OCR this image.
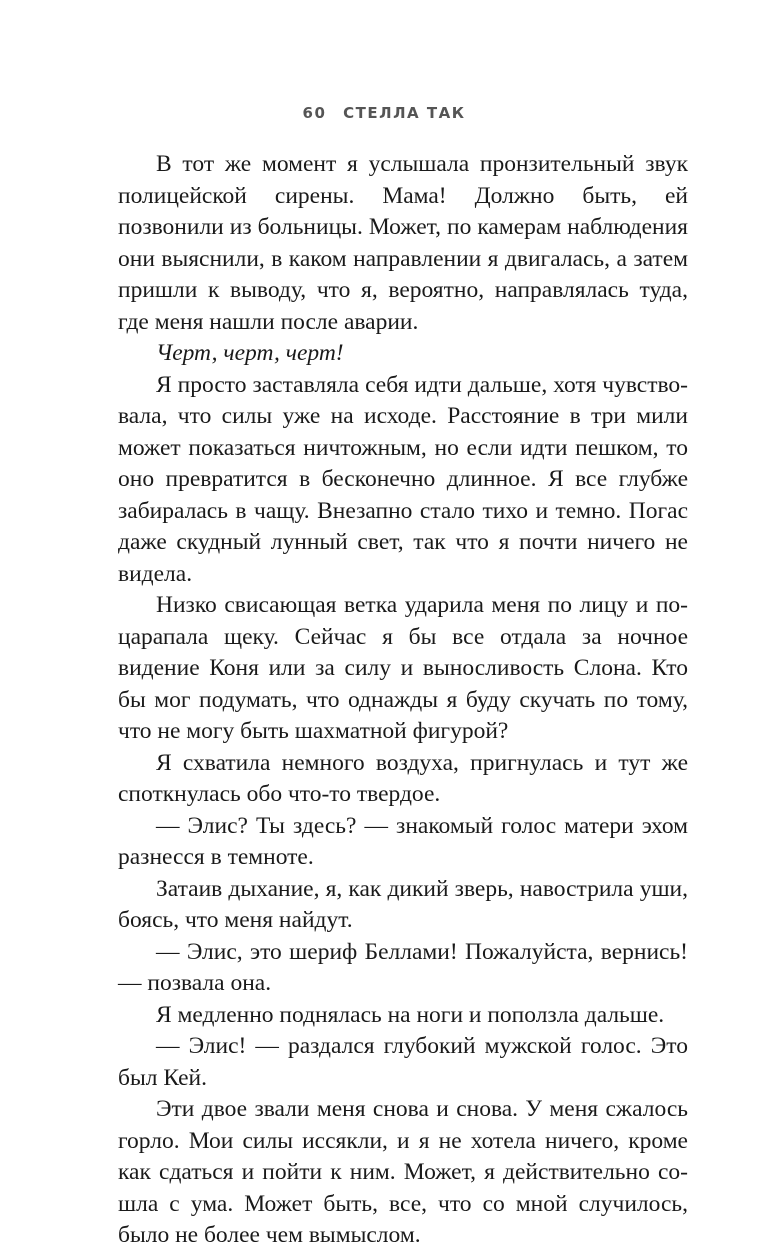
60 СТЕЛЛА ТАК

В тот же момент я услышала пронзительный звук полицейской сирены. Мама! Должно быть, ей позвонили из больницы. Может, по камерам наблюдения они выяснили, в каком направлении я двигалась, а затем пришли к выводу, что я, вероятно, направлялась туда, где меня нашли после аварии.

Черт, черт, черт!

Я просто заставляла себя идти дальше, хотя чувствовала, что силы уже на исходе. Расстояние в три мили может показаться ничтожным, но если идти пешком, то оно превратится в бесконечно длинное. Я все глубже забиралась в чащу. Внезапно стало тихо и темно. Погас даже скудный лунный свет, так что я почти ничего не видела.

Низко свисающая ветка ударила меня по лицу и поцарапала щеку. Сейчас я бы все отдала за ночное видение Коня или за силу и выносливость Слона. Кто бы мог подумать, что однажды я буду скучать по тому, что не могу быть шахматной фигурой?

Я схватила немного воздуха, пригнулась и тут же споткнулась обо что-то твердое.

— Элис? Ты здесь? — знакомый голос матери эхом разнесся в темноте.

Затаив дыхание, я, как дикий зверь, навострила уши, боясь, что меня найдут.

— Элис, это шериф Беллами! Пожалуйста, вернись! — позвала она.

Я медленно поднялась на ноги и поползла дальше.

— Элис! — раздался глубокий мужской голос. Это был Кей.

Эти двое звали меня снова и снова. У меня сжалось горло. Мои силы иссякли, и я не хотела ничего, кроме как сдаться и пойти к ним. Может, я действительно сошла с ума. Может быть, все, что со мной случилось, было не более чем вымыслом.
